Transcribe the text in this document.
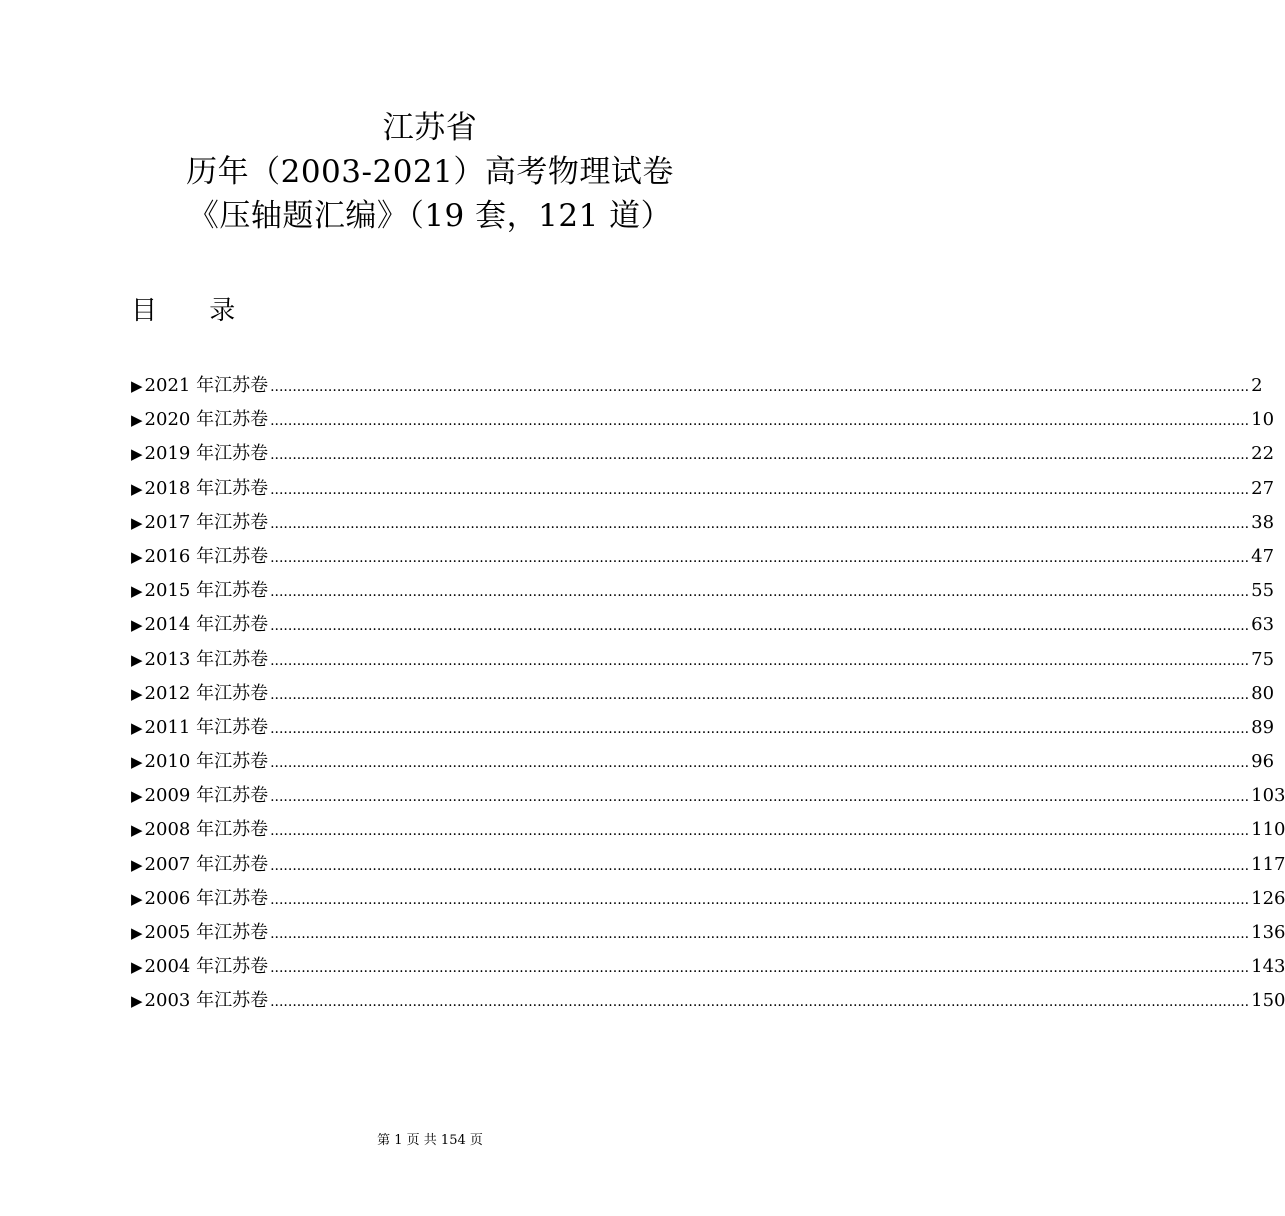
江苏省
历年（2003-2021）高考物理试卷
《压轴题汇编》（19 套，121 道）
目 录
▶ 2021 年江苏卷 ............................................................................................................................................................................................................................ 2
▶ 2020 年江苏卷 ............................................................................................................................................................................................................................ 10
▶ 2019 年江苏卷 ............................................................................................................................................................................................................................ 22
▶ 2018 年江苏卷 ............................................................................................................................................................................................................................ 27
▶ 2017 年江苏卷 ............................................................................................................................................................................................................................ 38
▶ 2016 年江苏卷 ............................................................................................................................................................................................................................ 47
▶ 2015 年江苏卷 ............................................................................................................................................................................................................................ 55
▶ 2014 年江苏卷 ............................................................................................................................................................................................................................ 63
▶ 2013 年江苏卷 ............................................................................................................................................................................................................................ 75
▶ 2012 年江苏卷 ............................................................................................................................................................................................................................ 80
▶ 2011 年江苏卷 ............................................................................................................................................................................................................................ 89
▶ 2010 年江苏卷 ............................................................................................................................................................................................................................ 96
▶ 2009 年江苏卷 ............................................................................................................................................................................................................................ 103
▶ 2008 年江苏卷 ............................................................................................................................................................................................................................ 110
▶ 2007 年江苏卷 ............................................................................................................................................................................................................................ 117
▶ 2006 年江苏卷 ............................................................................................................................................................................................................................ 126
▶ 2005 年江苏卷 ............................................................................................................................................................................................................................ 136
▶ 2004 年江苏卷 ............................................................................................................................................................................................................................ 143
▶ 2003 年江苏卷 ............................................................................................................................................................................................................................ 150
第 1 页 共 154 页
